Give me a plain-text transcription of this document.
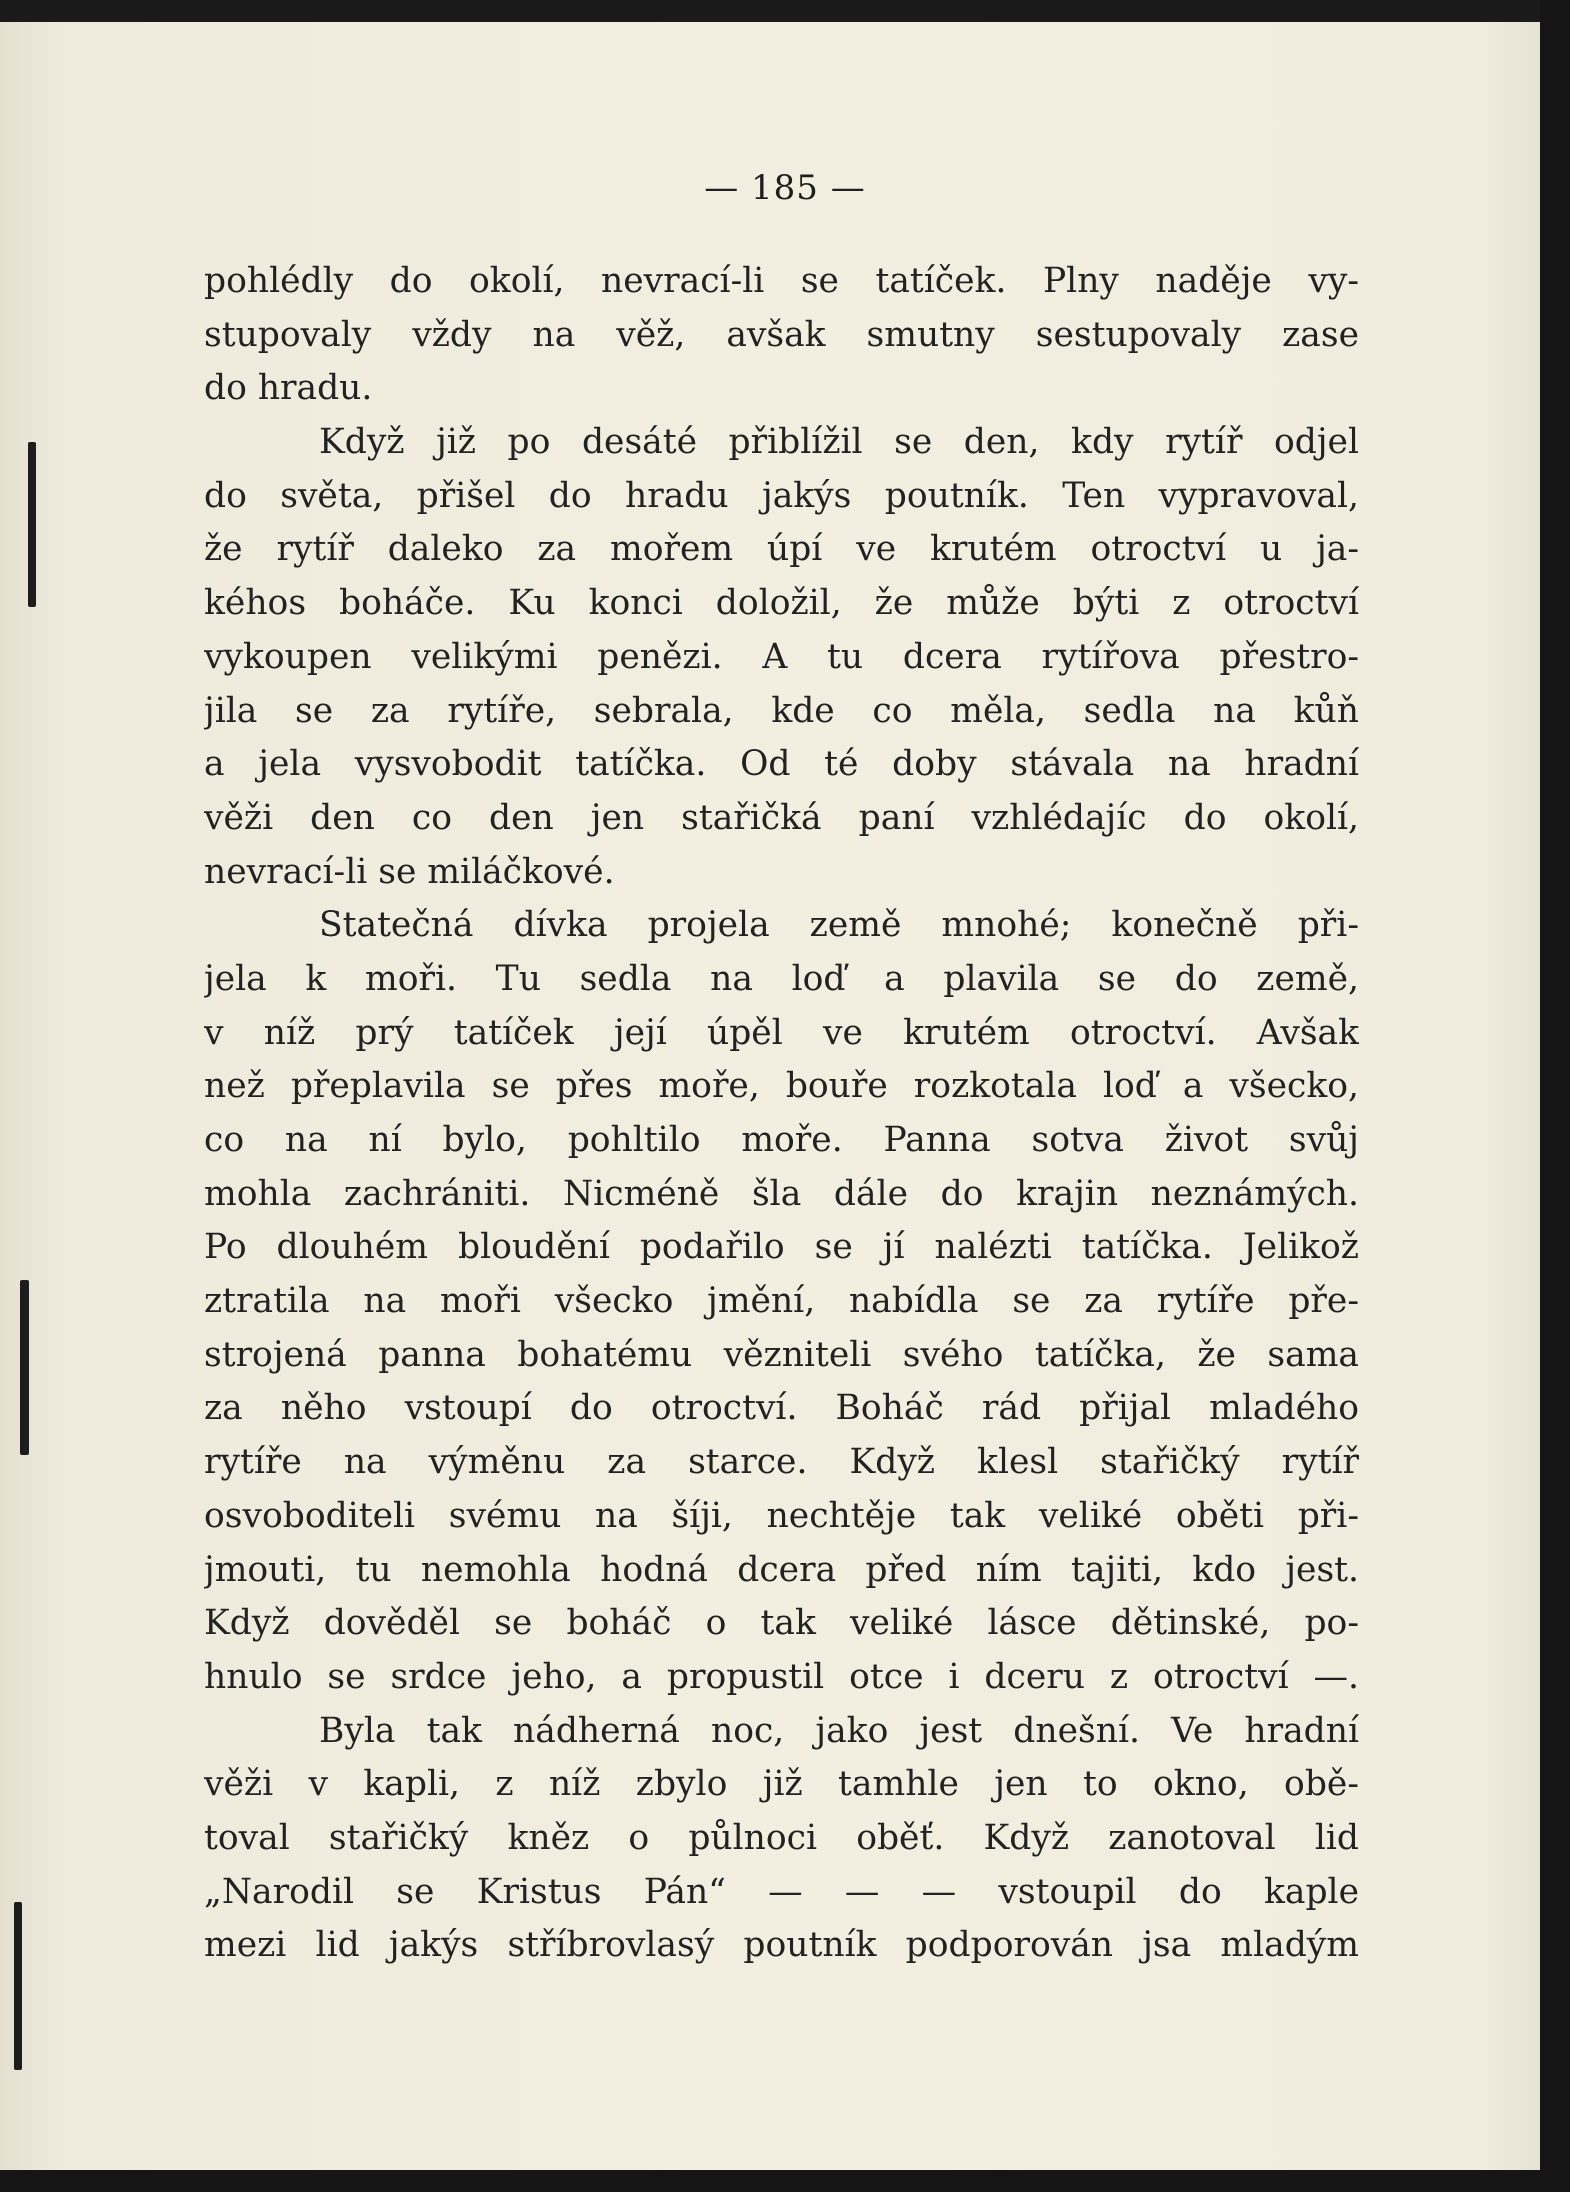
— 185 —
pohlédly do okolí, nevrací-li se tatíček. Plny naděje vy-
stupovaly vždy na věž, avšak smutny sestupovaly zase
do hradu.
Když již po desáté přiblížil se den, kdy rytíř odjel
do světa, přišel do hradu jakýs poutník. Ten vypravoval,
že rytíř daleko za mořem úpí ve krutém otroctví u ja-
kéhos boháče. Ku konci doložil, že může býti z otroctví
vykoupen velikými penězi. A tu dcera rytířova přestro-
jila se za rytíře, sebrala, kde co měla, sedla na kůň
a jela vysvobodit tatíčka. Od té doby stávala na hradní
věži den co den jen stařičká paní vzhlédajíc do okolí,
nevrací-li se miláčkové.
Statečná dívka projela země mnohé; konečně při-
jela k moři. Tu sedla na loď a plavila se do země,
v níž prý tatíček její úpěl ve krutém otroctví. Avšak
než přeplavila se přes moře, bouře rozkotala loď a všecko,
co na ní bylo, pohltilo moře. Panna sotva život svůj
mohla zachrániti. Nicméně šla dále do krajin neznámých.
Po dlouhém bloudění podařilo se jí nalézti tatíčka. Jelikož
ztratila na moři všecko jmění, nabídla se za rytíře pře-
strojená panna bohatému vězniteli svého tatíčka, že sama
za něho vstoupí do otroctví. Boháč rád přijal mladého
rytíře na výměnu za starce. Když klesl stařičký rytíř
osvoboditeli svému na šíji, nechtěje tak veliké oběti při-
jmouti, tu nemohla hodná dcera před ním tajiti, kdo jest.
Když dověděl se boháč o tak veliké lásce dětinské, po-
hnulo se srdce jeho, a propustil otce i dceru z otroctví —.
Byla tak nádherná noc, jako jest dnešní. Ve hradní
věži v kapli, z níž zbylo již tamhle jen to okno, obě-
toval stařičký kněz o půlnoci oběť. Když zanotoval lid
„Narodil se Kristus Pán“ — — — vstoupil do kaple
mezi lid jakýs stříbrovlasý poutník podporován jsa mladým
